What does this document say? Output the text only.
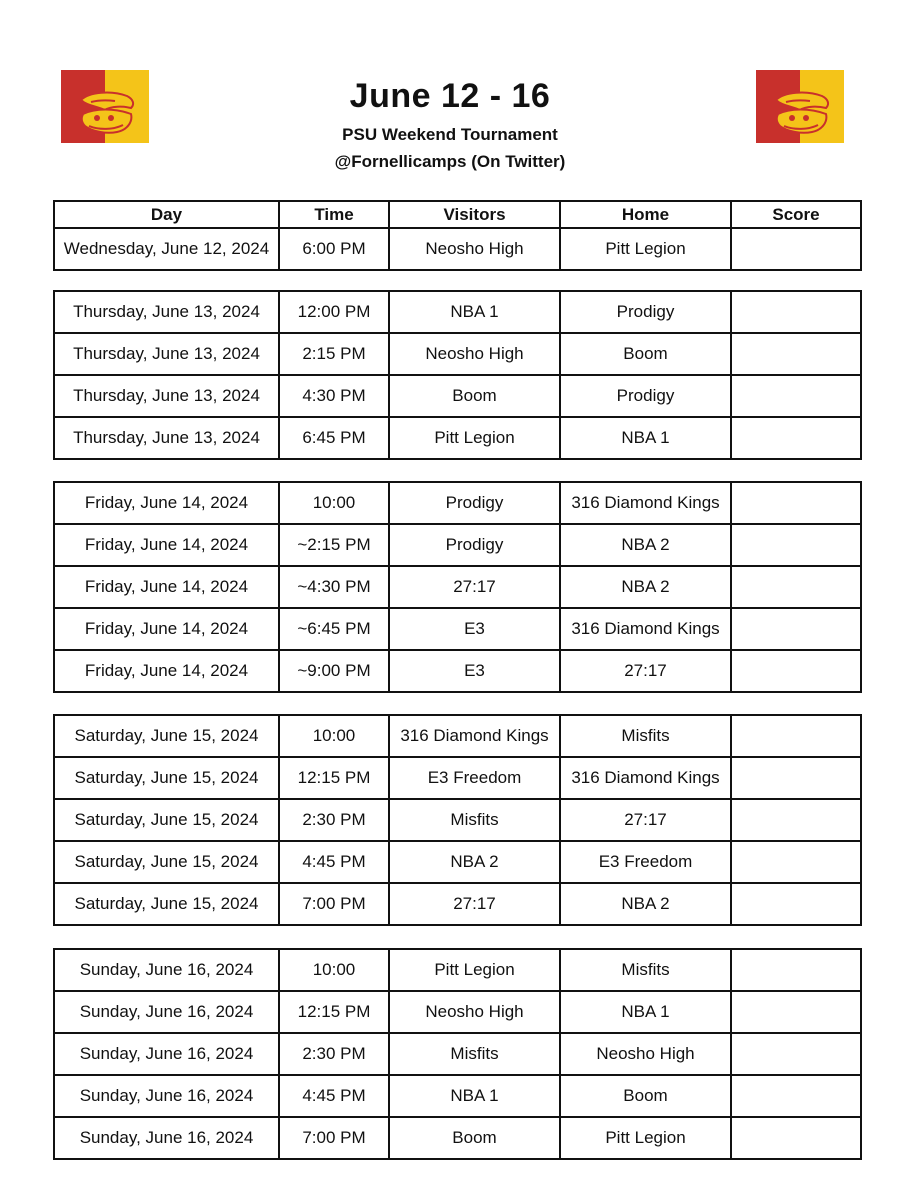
June 12 - 16
PSU Weekend Tournament
@Fornellicamps (On Twitter)
Day	Time	Visitors	Home	Score
Wednesday, June 12, 2024	6:00 PM	Neosho High	Pitt Legion	
Thursday, June 13, 2024	12:00 PM	NBA 1	Prodigy	
Thursday, June 13, 2024	2:15 PM	Neosho High	Boom	
Thursday, June 13, 2024	4:30 PM	Boom	Prodigy	
Thursday, June 13, 2024	6:45 PM	Pitt Legion	NBA 1	
Friday, June 14, 2024	10:00	Prodigy	316 Diamond Kings	
Friday, June 14, 2024	~2:15 PM	Prodigy	NBA 2	
Friday, June 14, 2024	~4:30 PM	27:17	NBA 2	
Friday, June 14, 2024	~6:45 PM	E3	316 Diamond Kings	
Friday, June 14, 2024	~9:00 PM	E3	27:17	
Saturday, June 15, 2024	10:00	316 Diamond Kings	Misfits	
Saturday, June 15, 2024	12:15 PM	E3 Freedom	316 Diamond Kings	
Saturday, June 15, 2024	2:30 PM	Misfits	27:17	
Saturday, June 15, 2024	4:45 PM	NBA 2	E3 Freedom	
Saturday, June 15, 2024	7:00 PM	27:17	NBA 2	
Sunday, June 16, 2024	10:00	Pitt Legion	Misfits	
Sunday, June 16, 2024	12:15 PM	Neosho High	NBA 1	
Sunday, June 16, 2024	2:30 PM	Misfits	Neosho High	
Sunday, June 16, 2024	4:45 PM	NBA 1	Boom	
Sunday, June 16, 2024	7:00 PM	Boom	Pitt Legion	
